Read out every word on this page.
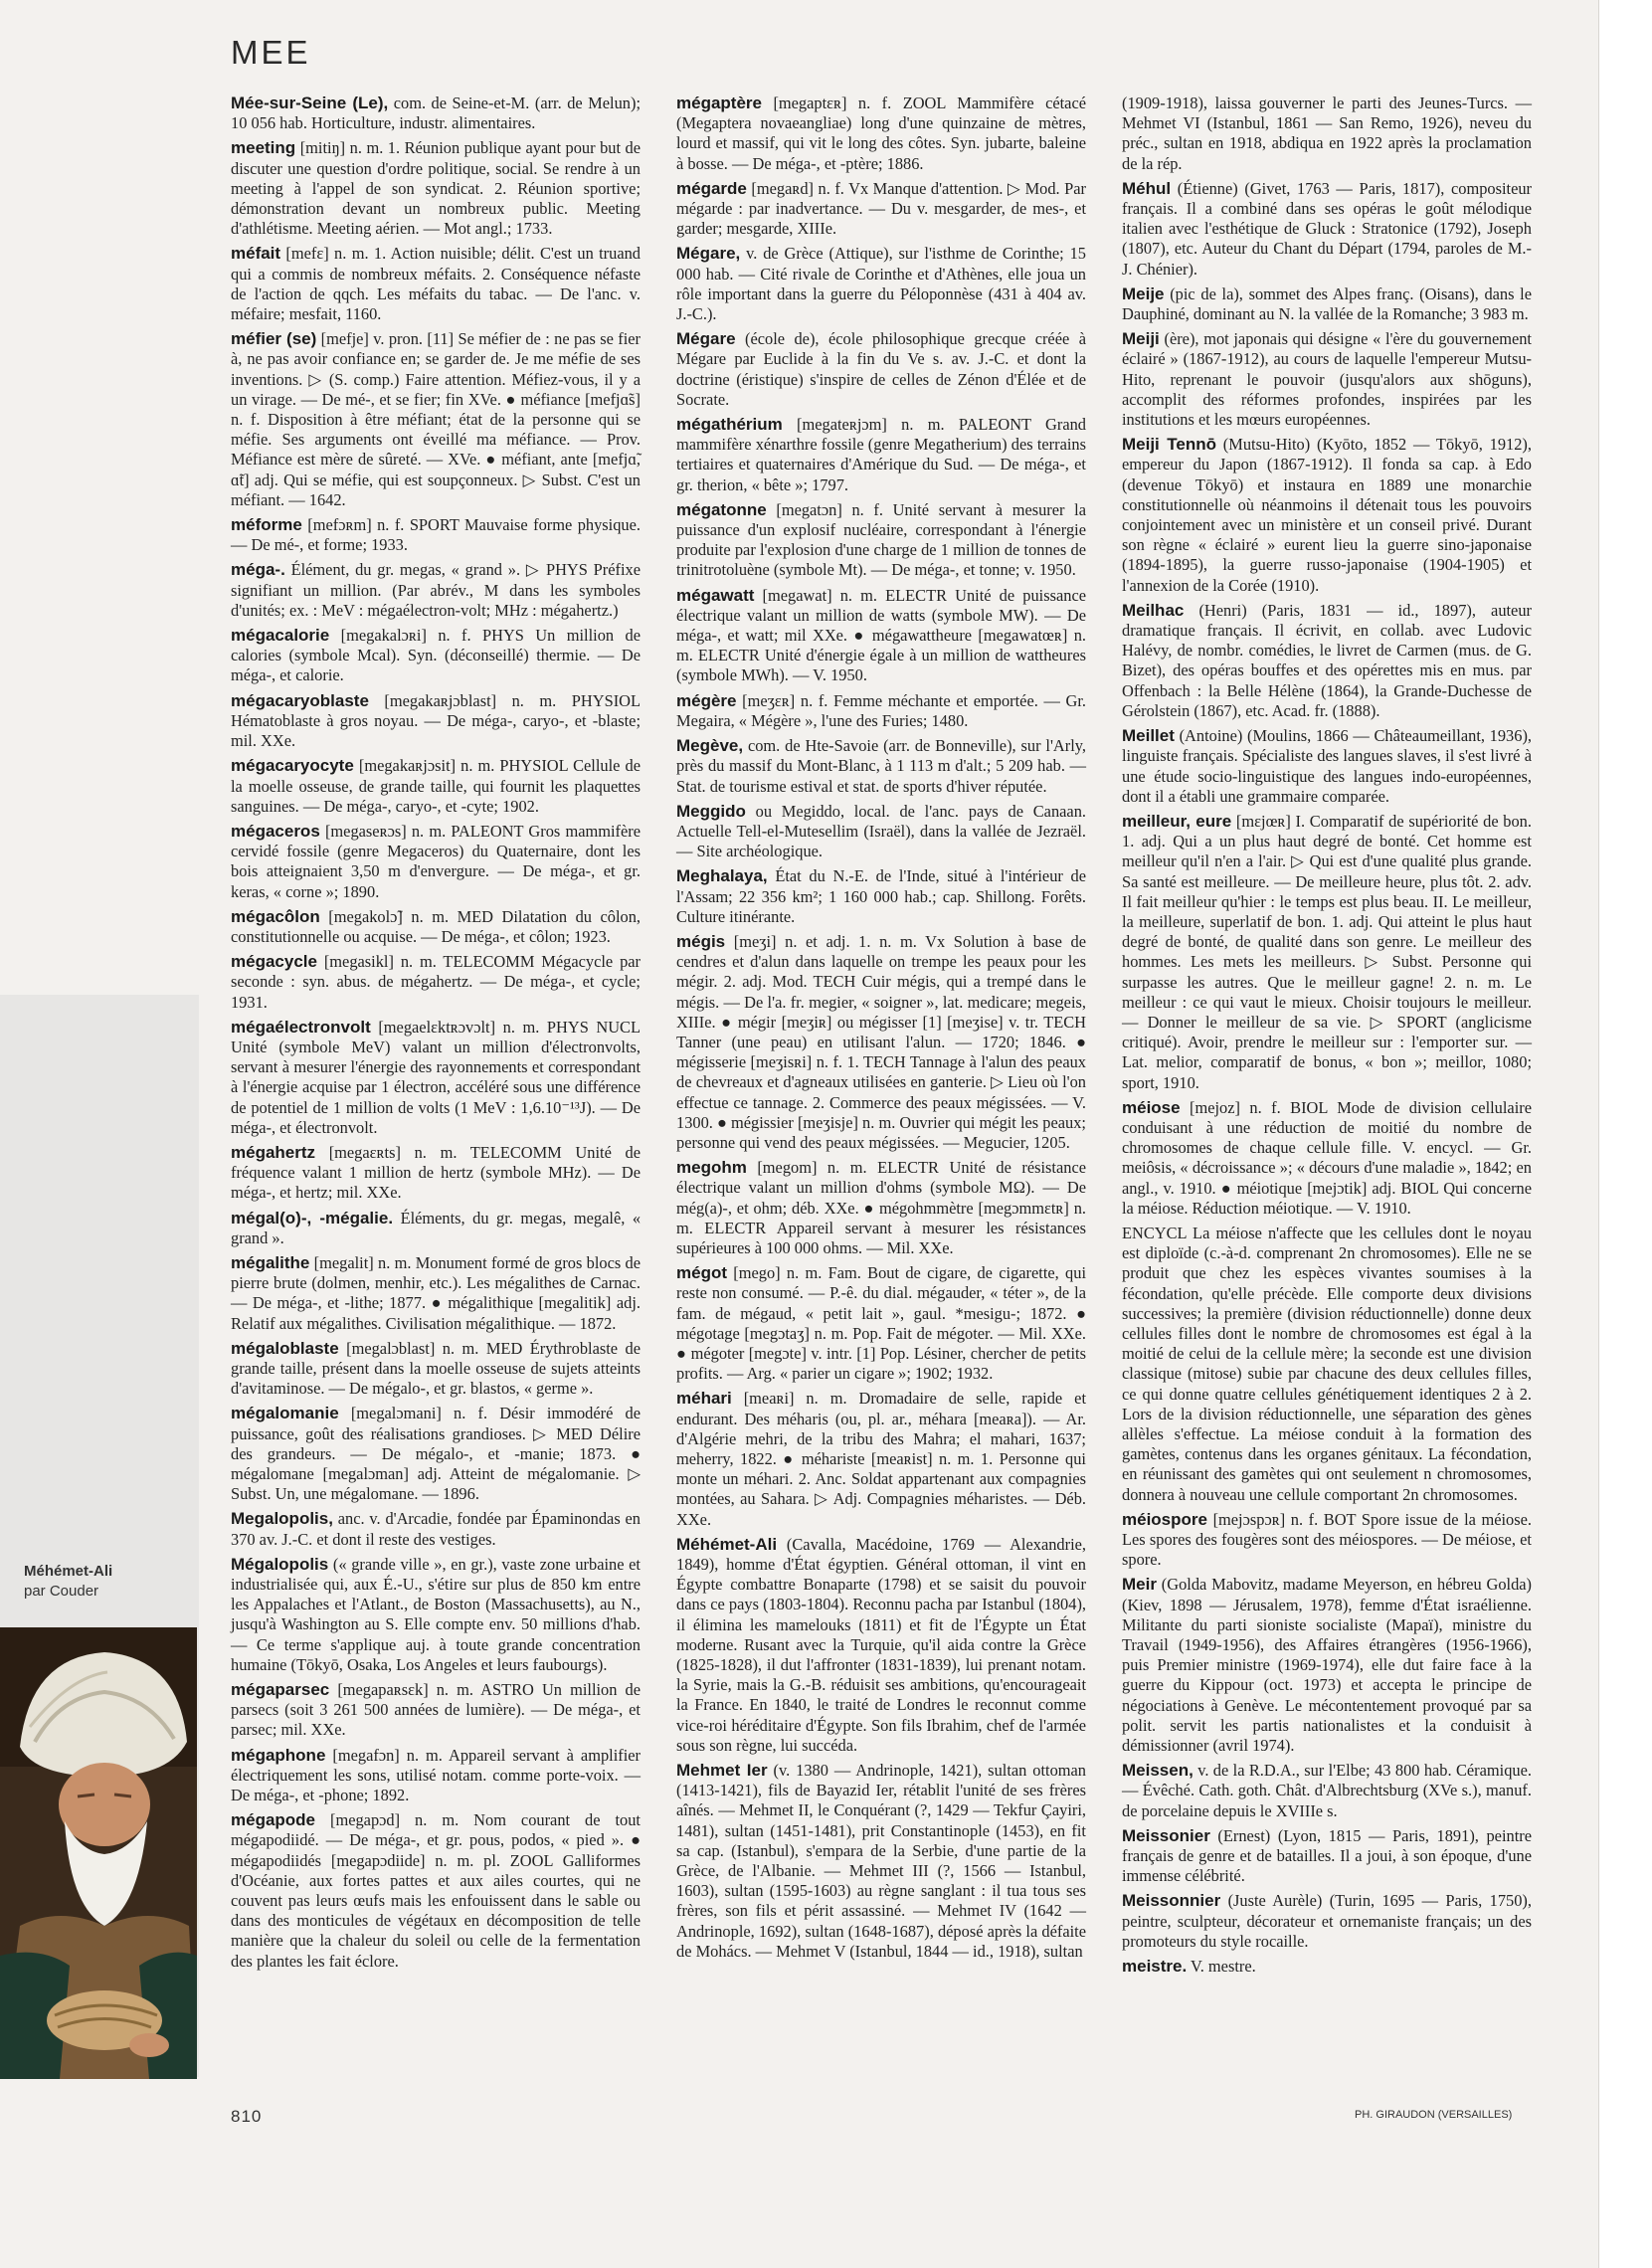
MEE

Mée-sur-Seine (Le), com. de Seine-et-M. (arr. de Melun); 10 056 hab. Horticulture, industr. alimentaires.

meeting [mitiŋ] n. m. 1. Réunion publique ayant pour but de discuter une question d'ordre politique, social. Se rendre à un meeting à l'appel de son syndicat. 2. Réunion sportive; démonstration devant un nombreux public. Meeting d'athlétisme. Meeting aérien. — Mot angl.; 1733.

méfait [mefɛ] n. m. 1. Action nuisible; délit. C'est un truand qui a commis de nombreux méfaits. 2. Conséquence néfaste de l'action de qqch. Les méfaits du tabac. — De l'anc. v. méfaire; mesfait, 1160.

méfier (se) [mefje] v. pron. [11] Se méfier de : ne pas se fier à, ne pas avoir confiance en; se garder de. Je me méfie de ses inventions. ▷ (S. comp.) Faire attention. Méfiez-vous, il y a un virage. — De mé-, et se fier; fin XVe. ● méfiance [mefjɑ̃s] n. f. Disposition à être méfiant; état de la personne qui se méfie. Ses arguments ont éveillé ma méfiance. — Prov. Méfiance est mère de sûreté. — XVe. ● méfiant, ante [mefjɑ̃, ɑ̃t] adj. Qui se méfie, qui est soupçonneux. ▷ Subst. C'est un méfiant. — 1642.

méforme [mefɔʀm] n. f. SPORT Mauvaise forme physique. — De mé-, et forme; 1933.

méga-. Élément, du gr. megas, « grand ». ▷ PHYS Préfixe signifiant un million. (Par abrév., M dans les symboles d'unités; ex. : MeV : mégaélectron-volt; MHz : mégahertz.)

mégacalorie [megakalɔʀi] n. f. PHYS Un million de calories (symbole Mcal). Syn. (déconseillé) thermie. — De méga-, et calorie.

mégacaryoblaste [megakaʀjɔblast] n. m. PHYSIOL Hématoblaste à gros noyau. — De méga-, caryo-, et -blaste; mil. XXe.

mégacaryocyte [megakaʀjɔsit] n. m. PHYSIOL Cellule de la moelle osseuse, de grande taille, qui fournit les plaquettes sanguines. — De méga-, caryo-, et -cyte; 1902.

mégaceros [megaseʀɔs] n. m. PALEONT Gros mammifère cervidé fossile (genre Megaceros) du Quaternaire, dont les bois atteignaient 3,50 m d'envergure. — De méga-, et gr. keras, « corne »; 1890.

mégacôlon [megakolɔ̃] n. m. MED Dilatation du côlon, constitutionnelle ou acquise. — De méga-, et côlon; 1923.

mégacycle [megasikl] n. m. TELECOMM Mégacycle par seconde : syn. abus. de mégahertz. — De méga-, et cycle; 1931.

mégaélectronvolt [megaelɛktʀɔvɔlt] n. m. PHYS NUCL Unité (symbole MeV) valant un million d'électronvolts, servant à mesurer l'énergie des rayonnements et correspondant à l'énergie acquise par 1 électron, accéléré sous une différence de potentiel de 1 million de volts (1 MeV : 1,6.10⁻¹³J). — De méga-, et électronvolt.

mégahertz [megaɛʀts] n. m. TELECOMM Unité de fréquence valant 1 million de hertz (symbole MHz). — De méga-, et hertz; mil. XXe.

mégal(o)-, -mégalie. Éléments, du gr. megas, megalê, « grand ».

mégalithe [megalit] n. m. Monument formé de gros blocs de pierre brute (dolmen, menhir, etc.). Les mégalithes de Carnac. — De méga-, et -lithe; 1877. ● mégalithique [megalitik] adj. Relatif aux mégalithes. Civilisation mégalithique. — 1872.

mégaloblaste [megalɔblast] n. m. MED Érythroblaste de grande taille, présent dans la moelle osseuse de sujets atteints d'avitaminose. — De mégalo-, et gr. blastos, « germe ».

mégalomanie [megalɔmani] n. f. Désir immodéré de puissance, goût des réalisations grandioses. ▷ MED Délire des grandeurs. — De mégalo-, et -manie; 1873. ● mégalomane [megalɔman] adj. Atteint de mégalomanie. ▷ Subst. Un, une mégalomane. — 1896.

Megalopolis, anc. v. d'Arcadie, fondée par Épaminondas en 370 av. J.-C. et dont il reste des vestiges.

Mégalopolis (« grande ville », en gr.), vaste zone urbaine et industrialisée qui, aux É.-U., s'étire sur plus de 850 km entre les Appalaches et l'Atlant., de Boston (Massachusetts), au N., jusqu'à Washington au S. Elle compte env. 50 millions d'hab. — Ce terme s'applique auj. à toute grande concentration humaine (Tōkyō, Osaka, Los Angeles et leurs faubourgs).

mégaparsec [megapaʀsɛk] n. m. ASTRO Un million de parsecs (soit 3 261 500 années de lumière). — De méga-, et parsec; mil. XXe.

mégaphone [megafɔn] n. m. Appareil servant à amplifier électriquement les sons, utilisé notam. comme porte-voix. — De méga-, et -phone; 1892.

mégapode [megapɔd] n. m. Nom courant de tout mégapodiidé. — De méga-, et gr. pous, podos, « pied ». ● mégapodiidés [megapɔdiide] n. m. pl. ZOOL Galliformes d'Océanie, aux fortes pattes et aux ailes courtes, qui ne couvent pas leurs œufs mais les enfouissent dans le sable ou dans des monticules de végétaux en décomposition de telle manière que la chaleur du soleil ou celle de la fermentation des plantes les fait éclore.

mégaptère [megaptɛʀ] n. f. ZOOL Mammifère cétacé (Megaptera novaeangliae) long d'une quinzaine de mètres, lourd et massif, qui vit le long des côtes. Syn. jubarte, baleine à bosse. — De méga-, et -ptère; 1886.

mégarde [megaʀd] n. f. Vx Manque d'attention. ▷ Mod. Par mégarde : par inadvertance. — Du v. mesgarder, de mes-, et garder; mesgarde, XIIIe.

Mégare, v. de Grèce (Attique), sur l'isthme de Corinthe; 15 000 hab. — Cité rivale de Corinthe et d'Athènes, elle joua un rôle important dans la guerre du Péloponnèse (431 à 404 av. J.-C.).

Mégare (école de), école philosophique grecque créée à Mégare par Euclide à la fin du Ve s. av. J.-C. et dont la doctrine (éristique) s'inspire de celles de Zénon d'Élée et de Socrate.

mégathérium [megateʀjɔm] n. m. PALEONT Grand mammifère xénarthre fossile (genre Megatherium) des terrains tertiaires et quaternaires d'Amérique du Sud. — De méga-, et gr. therion, « bête »; 1797.

mégatonne [megatɔn] n. f. Unité servant à mesurer la puissance d'un explosif nucléaire, correspondant à l'énergie produite par l'explosion d'une charge de 1 million de tonnes de trinitrotoluène (symbole Mt). — De méga-, et tonne; v. 1950.

mégawatt [megawat] n. m. ELECTR Unité de puissance électrique valant un million de watts (symbole MW). — De méga-, et watt; mil XXe. ● mégawattheure [megawatœʀ] n. m. ELECTR Unité d'énergie égale à un million de wattheures (symbole MWh). — V. 1950.

mégère [meʒɛʀ] n. f. Femme méchante et emportée. — Gr. Megaira, « Mégère », l'une des Furies; 1480.

Megève, com. de Hte-Savoie (arr. de Bonneville), sur l'Arly, près du massif du Mont-Blanc, à 1 113 m d'alt.; 5 209 hab. — Stat. de tourisme estival et stat. de sports d'hiver réputée.

Meggido ou Megiddo, local. de l'anc. pays de Canaan. Actuelle Tell-el-Mutesellim (Israël), dans la vallée de Jezraël. — Site archéologique.

Meghalaya, État du N.-E. de l'Inde, situé à l'intérieur de l'Assam; 22 356 km²; 1 160 000 hab.; cap. Shillong. Forêts. Culture itinérante.

mégis [meʒi] n. et adj. 1. n. m. Vx Solution à base de cendres et d'alun dans laquelle on trempe les peaux pour les mégir. 2. adj. Mod. TECH Cuir mégis, qui a trempé dans le mégis. — De l'a. fr. megier, « soigner », lat. medicare; megeis, XIIIe. ● mégir [meʒiʀ] ou mégisser [1] [meʒise] v. tr. TECH Tanner (une peau) en utilisant l'alun. — 1720; 1846. ● mégisserie [meʒisʀi] n. f. 1. TECH Tannage à l'alun des peaux de chevreaux et d'agneaux utilisées en ganterie. ▷ Lieu où l'on effectue ce tannage. 2. Commerce des peaux mégissées. — V. 1300. ● mégissier [meʒisje] n. m. Ouvrier qui mégit les peaux; personne qui vend des peaux mégissées. — Megucier, 1205.

megohm [megom] n. m. ELECTR Unité de résistance électrique valant un million d'ohms (symbole MΩ). — De még(a)-, et ohm; déb. XXe. ● mégohmmètre [megɔmmɛtʀ] n. m. ELECTR Appareil servant à mesurer les résistances supérieures à 100 000 ohms. — Mil. XXe.

mégot [mego] n. m. Fam. Bout de cigare, de cigarette, qui reste non consumé. — P.-ê. du dial. mégauder, « téter », de la fam. de mégaud, « petit lait », gaul. *mesigu-; 1872. ● mégotage [megɔtaʒ] n. m. Pop. Fait de mégoter. — Mil. XXe. ● mégoter [megɔte] v. intr. [1] Pop. Lésiner, chercher de petits profits. — Arg. « parier un cigare »; 1902; 1932.

méhari [meaʀi] n. m. Dromadaire de selle, rapide et endurant. Des méharis (ou, pl. ar., méhara [meaʀa]). — Ar. d'Algérie mehri, de la tribu des Mahra; el mahari, 1637; meherry, 1822. ● méhariste [meaʀist] n. m. 1. Personne qui monte un méhari. 2. Anc. Soldat appartenant aux compagnies montées, au Sahara. ▷ Adj. Compagnies méharistes. — Déb. XXe.

Méhémet-Ali (Cavalla, Macédoine, 1769 — Alexandrie, 1849), homme d'État égyptien. Général ottoman, il vint en Égypte combattre Bonaparte (1798) et se saisit du pouvoir dans ce pays (1803-1804). Reconnu pacha par Istanbul (1804), il élimina les mamelouks (1811) et fit de l'Égypte un État moderne. Rusant avec la Turquie, qu'il aida contre la Grèce (1825-1828), il dut l'affronter (1831-1839), lui prenant notam. la Syrie, mais la G.-B. réduisit ses ambitions, qu'encourageait la France. En 1840, le traité de Londres le reconnut comme vice-roi héréditaire d'Égypte. Son fils Ibrahim, chef de l'armée sous son règne, lui succéda.

Mehmet Ier (v. 1380 — Andrinople, 1421), sultan ottoman (1413-1421), fils de Bayazid Ier, rétablit l'unité de ses frères aînés. — Mehmet II, le Conquérant (?, 1429 — Tekfur Çayiri, 1481), sultan (1451-1481), prit Constantinople (1453), en fit sa cap. (Istanbul), s'empara de la Serbie, d'une partie de la Grèce, de l'Albanie. — Mehmet III (?, 1566 — Istanbul, 1603), sultan (1595-1603) au règne sanglant : il tua tous ses frères, son fils et périt assassiné. — Mehmet IV (1642 — Andrinople, 1692), sultan (1648-1687), déposé après la défaite de Mohács. — Mehmet V (Istanbul, 1844 — id., 1918), sultan

(1909-1918), laissa gouverner le parti des Jeunes-Turcs. — Mehmet VI (Istanbul, 1861 — San Remo, 1926), neveu du préc., sultan en 1918, abdiqua en 1922 après la proclamation de la rép.

Méhul (Étienne) (Givet, 1763 — Paris, 1817), compositeur français. Il a combiné dans ses opéras le goût mélodique italien avec l'esthétique de Gluck : Stratonice (1792), Joseph (1807), etc. Auteur du Chant du Départ (1794, paroles de M.-J. Chénier).

Meije (pic de la), sommet des Alpes franç. (Oisans), dans le Dauphiné, dominant au N. la vallée de la Romanche; 3 983 m.

Meiji (ère), mot japonais qui désigne « l'ère du gouvernement éclairé » (1867-1912), au cours de laquelle l'empereur Mutsu-Hito, reprenant le pouvoir (jusqu'alors aux shōguns), accomplit des réformes profondes, inspirées par les institutions et les mœurs européennes.

Meiji Tennō (Mutsu-Hito) (Kyōto, 1852 — Tōkyō, 1912), empereur du Japon (1867-1912). Il fonda sa cap. à Edo (devenue Tōkyō) et instaura en 1889 une monarchie constitutionnelle où néanmoins il détenait tous les pouvoirs conjointement avec un ministère et un conseil privé. Durant son règne « éclairé » eurent lieu la guerre sino-japonaise (1894-1895), la guerre russo-japonaise (1904-1905) et l'annexion de la Corée (1910).

Meilhac (Henri) (Paris, 1831 — id., 1897), auteur dramatique français. Il écrivit, en collab. avec Ludovic Halévy, de nombr. comédies, le livret de Carmen (mus. de G. Bizet), des opéras bouffes et des opérettes mis en mus. par Offenbach : la Belle Hélène (1864), la Grande-Duchesse de Gérolstein (1867), etc. Acad. fr. (1888).

Meillet (Antoine) (Moulins, 1866 — Châteaumeillant, 1936), linguiste français. Spécialiste des langues slaves, il s'est livré à une étude socio-linguistique des langues indo-européennes, dont il a établi une grammaire comparée.

meilleur, eure [mɛjœʀ] I. Comparatif de supériorité de bon. 1. adj. Qui a un plus haut degré de bonté. Cet homme est meilleur qu'il n'en a l'air. ▷ Qui est d'une qualité plus grande. Sa santé est meilleure. — De meilleure heure, plus tôt. 2. adv. Il fait meilleur qu'hier : le temps est plus beau. II. Le meilleur, la meilleure, superlatif de bon. 1. adj. Qui atteint le plus haut degré de bonté, de qualité dans son genre. Le meilleur des hommes. Les mets les meilleurs. ▷ Subst. Personne qui surpasse les autres. Que le meilleur gagne! 2. n. m. Le meilleur : ce qui vaut le mieux. Choisir toujours le meilleur. — Donner le meilleur de sa vie. ▷ SPORT (anglicisme critiqué). Avoir, prendre le meilleur sur : l'emporter sur. — Lat. melior, comparatif de bonus, « bon »; meillor, 1080; sport, 1910.

méiose [mejoz] n. f. BIOL Mode de division cellulaire conduisant à une réduction de moitié du nombre de chromosomes de chaque cellule fille. V. encycl. — Gr. meiôsis, « décroissance »; « décours d'une maladie », 1842; en angl., v. 1910. ● méiotique [mejɔtik] adj. BIOL Qui concerne la méiose. Réduction méiotique. — V. 1910.

ENCYCL La méiose n'affecte que les cellules dont le noyau est diploïde (c.-à-d. comprenant 2n chromosomes). Elle ne se produit que chez les espèces vivantes soumises à la fécondation, qu'elle précède. Elle comporte deux divisions successives; la première (division réductionnelle) donne deux cellules filles dont le nombre de chromosomes est égal à la moitié de celui de la cellule mère; la seconde est une division classique (mitose) subie par chacune des deux cellules filles, ce qui donne quatre cellules génétiquement identiques 2 à 2. Lors de la division réductionnelle, une séparation des gènes allèles s'effectue. La méiose conduit à la formation des gamètes, contenus dans les organes génitaux. La fécondation, en réunissant des gamètes qui ont seulement n chromosomes, donnera à nouveau une cellule comportant 2n chromosomes.

méiospore [mejɔspɔʀ] n. f. BOT Spore issue de la méiose. Les spores des fougères sont des méiospores. — De méiose, et spore.

Meir (Golda Mabovitz, madame Meyerson, en hébreu Golda) (Kiev, 1898 — Jérusalem, 1978), femme d'État israélienne. Militante du parti sioniste socialiste (Mapaï), ministre du Travail (1949-1956), des Affaires étrangères (1956-1966), puis Premier ministre (1969-1974), elle dut faire face à la guerre du Kippour (oct. 1973) et accepta le principe de négociations à Genève. Le mécontentement provoqué par sa polit. servit les partis nationalistes et la conduisit à démissionner (avril 1974).

Meissen, v. de la R.D.A., sur l'Elbe; 43 800 hab. Céramique. — Évêché. Cath. goth. Chât. d'Albrechtsburg (XVe s.), manuf. de porcelaine depuis le XVIIIe s.

Meissonier (Ernest) (Lyon, 1815 — Paris, 1891), peintre français de genre et de batailles. Il a joui, à son époque, d'une immense célébrité.

Meissonnier (Juste Aurèle) (Turin, 1695 — Paris, 1750), peintre, sculpteur, décorateur et ornemaniste français; un des promoteurs du style rocaille.

meistre. V. mestre.

Méhémet-Ali
par Couder
810	PH. GIRAUDON (VERSAILLES)
